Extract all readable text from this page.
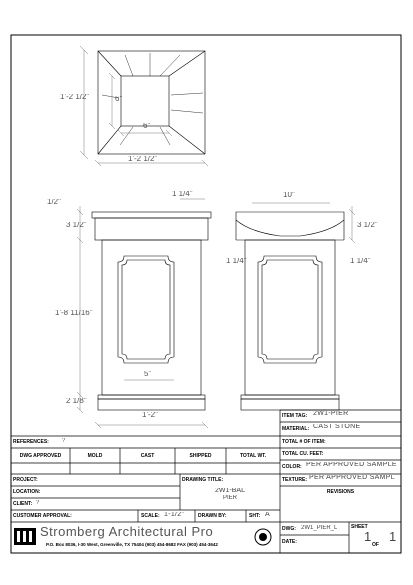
1'-2 1/2"	6"
6"
1'-2 1/2"
1/2"
3 1/2"
1 1/4"
1'-8 11/16"
2 1/8"
5"
1'-2"
10"
3 1/2"
1 1/4"	1 1/4"
ITEM TAG: 2W1-PIER
MATERIAL: CAST STONE
TOTAL # OF ITEM:
TOTAL CU. FEET:
COLOR: PER APPROVED SAMPLE
TEXTURE: PER APPROVED SAMPL
REVISIONS
REFERENCES: ?
DWG APPROVED	MOLD	CAST	SHIPPED	TOTAL WT.
PROJECT:
LOCATION:
CLIENT: ?
CUSTOMER APPROVAL:
DRAWING TITLE:
2W1-BAL
PIER
SCALE: 1-1/2"	DRAWN BY:	SHT: A
Stromberg Architectural Pro
P.O. Box 8036, I-30 West, Greenville, TX 75404 (903) 454-8682 FAX (903) 454-3642
DWG: 2W1_PIER_L
DATE:
SHEET
1
OF
1
